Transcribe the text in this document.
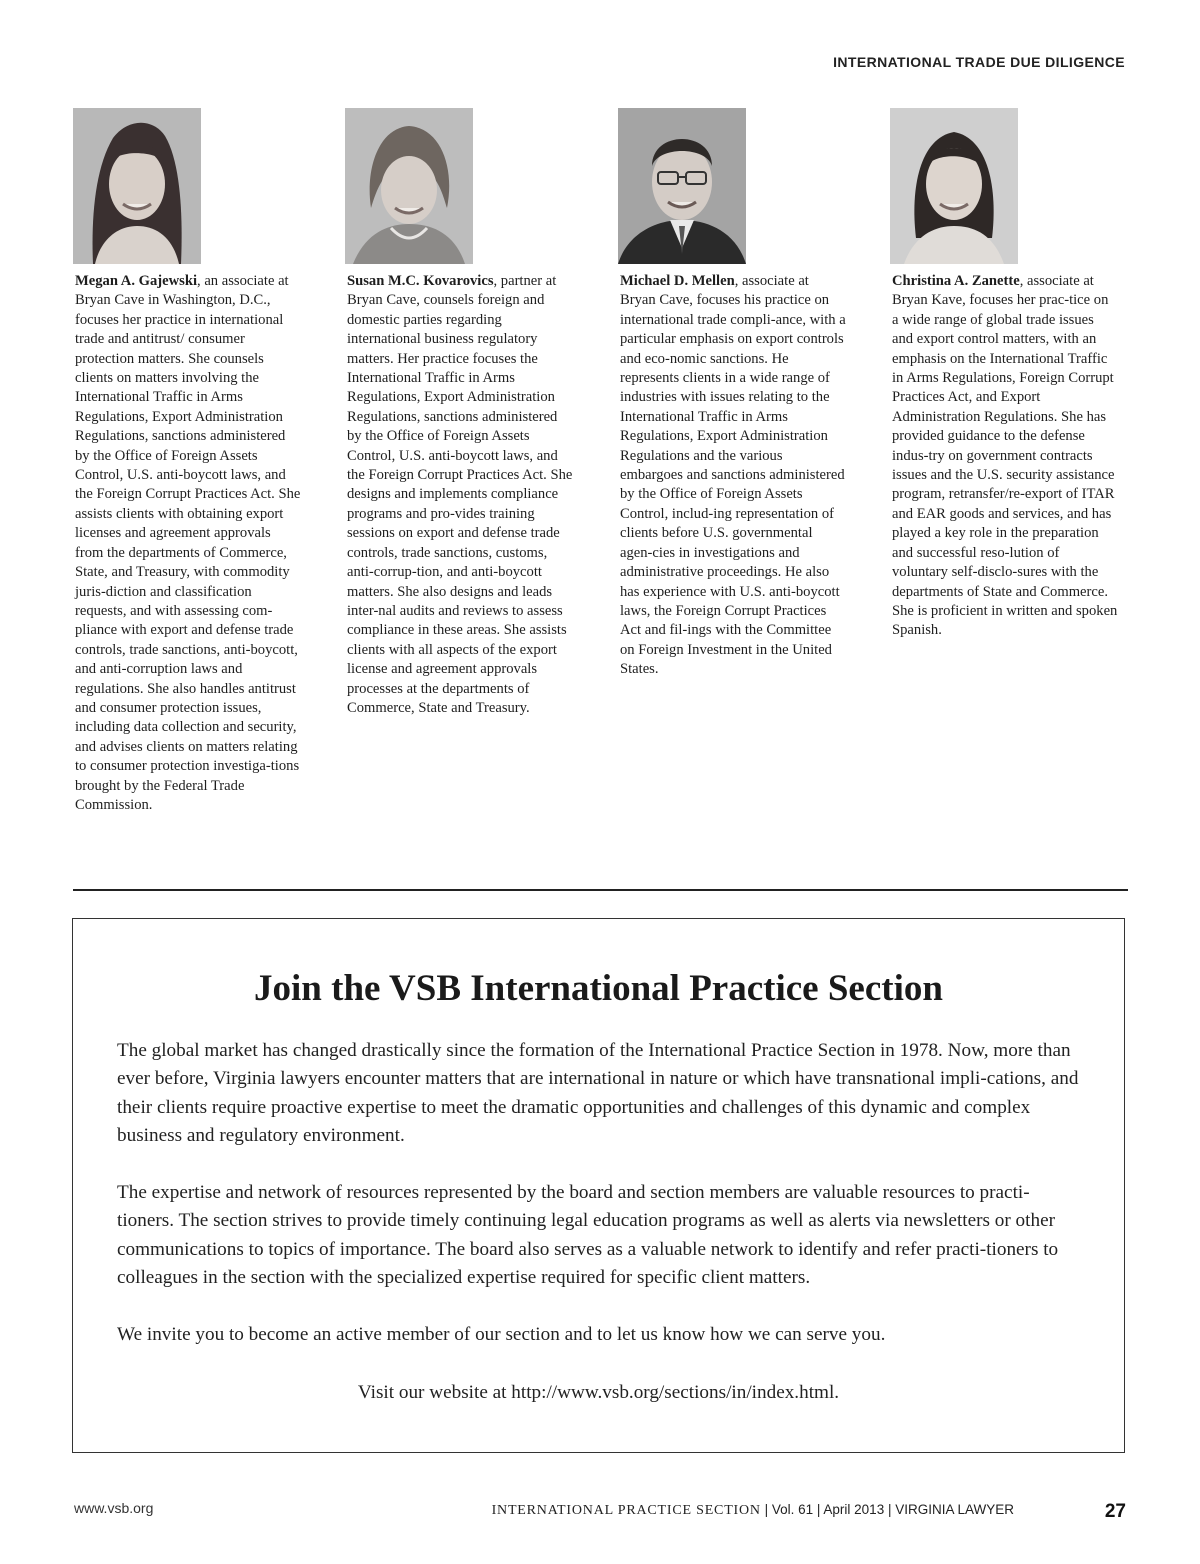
INTERNATIONAL TRADE DUE DILIGENCE

Megan A. Gajewski, an associate at Bryan Cave in Washington, D.C., focuses her practice in international trade and antitrust/ consumer protection matters. She counsels clients on matters involving the International Traffic in Arms Regulations, Export Administration Regulations, sanctions administered by the Office of Foreign Assets Control, U.S. anti-boycott laws, and the Foreign Corrupt Practices Act. She assists clients with obtaining export licenses and agreement approvals from the departments of Commerce, State, and Treasury, with commodity juris-diction and classification requests, and with assessing com-pliance with export and defense trade controls, trade sanctions, anti-boycott, and anti-corruption laws and regulations. She also handles antitrust and consumer protection issues, including data collection and security, and advises clients on matters relating to consumer protection investiga-tions brought by the Federal Trade Commission.

Susan M.C. Kovarovics, partner at Bryan Cave, counsels foreign and domestic parties regarding international business regulatory matters. Her practice focuses the International Traffic in Arms Regulations, Export Administration Regulations, sanctions administered by the Office of Foreign Assets Control, U.S. anti-boycott laws, and the Foreign Corrupt Practices Act. She designs and implements compliance programs and pro-vides training sessions on export and defense trade controls, trade sanctions, customs, anti-corrup-tion, and anti-boycott matters. She also designs and leads inter-nal audits and reviews to assess compliance in these areas. She assists clients with all aspects of the export license and agreement approvals processes at the departments of Commerce, State and Treasury.

Michael D. Mellen, associate at Bryan Cave, focuses his practice on international trade compli-ance, with a particular emphasis on export controls and eco-nomic sanctions. He represents clients in a wide range of industries with issues relating to the International Traffic in Arms Regulations, Export Administration Regulations and the various embargoes and sanctions administered by the Office of Foreign Assets Control, includ-ing representation of clients before U.S. governmental agen-cies in investigations and administrative proceedings. He also has experience with U.S. anti-boycott laws, the Foreign Corrupt Practices Act and fil-ings with the Committee on Foreign Investment in the United States.

Christina A. Zanette, associate at Bryan Kave, focuses her prac-tice on a wide range of global trade issues and export control matters, with an emphasis on the International Traffic in Arms Regulations, Foreign Corrupt Practices Act, and Export Administration Regulations. She has provided guidance to the defense indus-try on government contracts issues and the U.S. security assistance program, retransfer/re-export of ITAR and EAR goods and services, and has played a key role in the preparation and successful reso-lution of voluntary self-disclo-sures with the departments of State and Commerce. She is proficient in written and spoken Spanish.

Join the VSB International Practice Section

The global market has changed drastically since the formation of the International Practice Section in 1978. Now, more than ever before, Virginia lawyers encounter matters that are international in nature or which have transnational impli-cations, and their clients require proactive expertise to meet the dramatic opportunities and challenges of this dynamic and complex business and regulatory environment.

The expertise and network of resources represented by the board and section members are valuable resources to practi-tioners. The section strives to provide timely continuing legal education programs as well as alerts via newsletters or other communications to topics of importance. The board also serves as a valuable network to identify and refer practi-tioners to colleagues in the section with the specialized expertise required for specific client matters.

We invite you to become an active member of our section and to let us know how we can serve you.

Visit our website at http://www.vsb.org/sections/in/index.html.

www.vsb.org	INTERNATIONAL PRACTICE SECTION | Vol. 61 | April 2013 | VIRGINIA LAWYER	27
